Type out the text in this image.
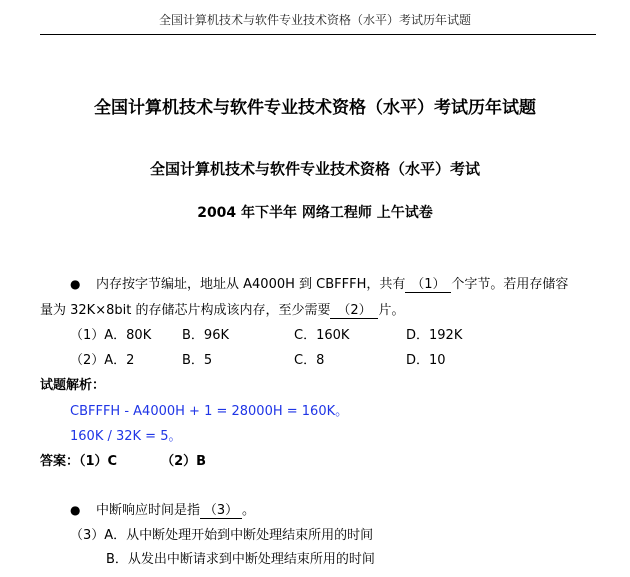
全国计算机技术与软件专业技术资格（水平）考试历年试题
全国计算机技术与软件专业技术资格（水平）考试历年试题
全国计算机技术与软件专业技术资格（水平）考试
2004 年下半年 网络工程师 上午试卷
● 内存按字节编址，地址从 A4000H 到 CBFFFH，共有 （1） 个字节。若用存储容
量为 32K×8bit 的存储芯片构成该内存，至少需要 （2） 片。
（1）A．80K B．96K	C．160K	D．192K
（2）A．2	B．5	C．8	D．10
试题解析：
CBFFFH - A4000H + 1 = 28000H = 160K。
160K / 32K = 5。
答案：（1）C	（2）B
● 中断响应时间是指 （3） 。
（3）A．从中断处理开始到中断处理结束所用的时间
B．从发出中断请求到中断处理结束所用的时间
